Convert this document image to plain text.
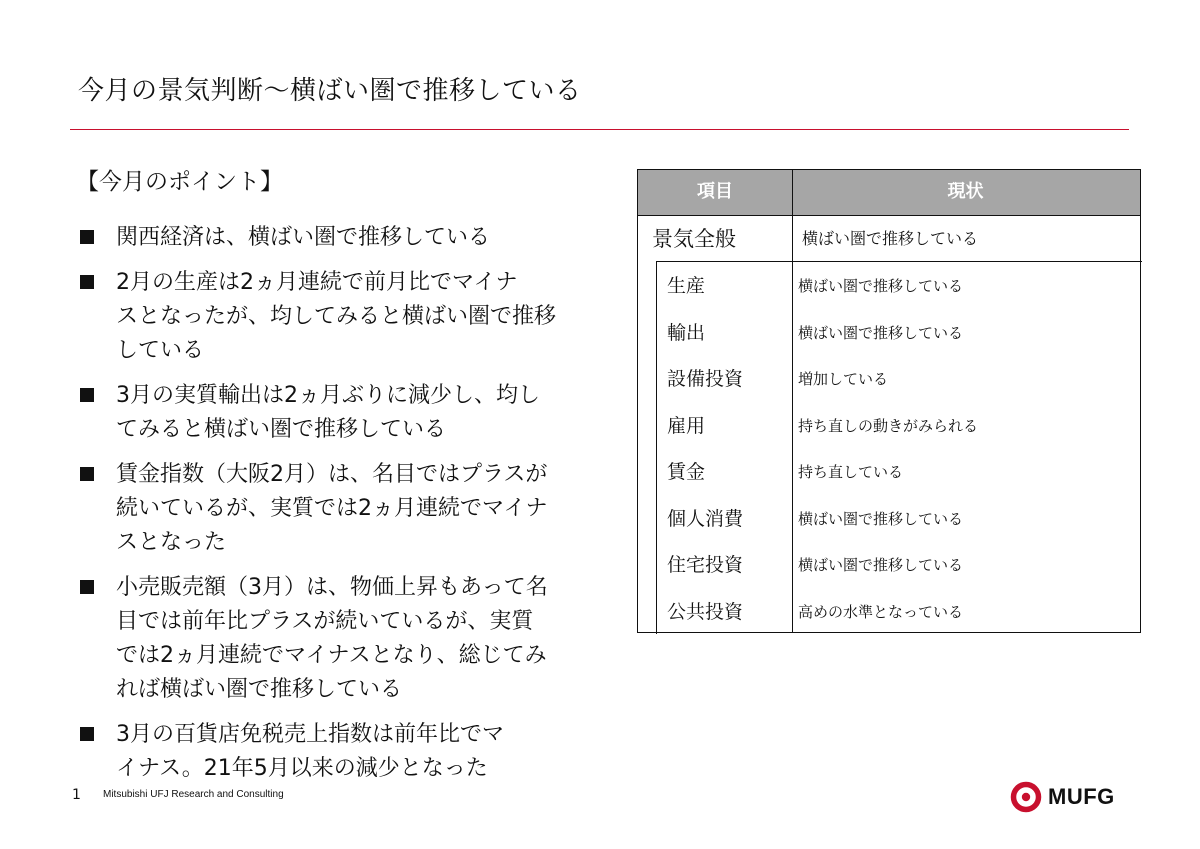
今月の景気判断～横ばい圏で推移している
【今月のポイント】
関西経済は、横ばい圏で推移している
2月の生産は2ヵ月連続で前月比でマイナ
スとなったが、均してみると横ばい圏で推移
している
3月の実質輸出は2ヵ月ぶりに減少し、均し
てみると横ばい圏で推移している
賃金指数（大阪2月）は、名目ではプラスが
続いているが、実質では2ヵ月連続でマイナ
スとなった
小売販売額（3月）は、物価上昇もあって名
目では前年比プラスが続いているが、実質
では2ヵ月連続でマイナスとなり、総じてみ
れば横ばい圏で推移している
3月の百貨店免税売上指数は前年比でマ
イナス。21年5月以来の減少となった
項目	現状
景気全般	横ばい圏で推移している
生産	横ばい圏で推移している
輸出	横ばい圏で推移している
設備投資	増加している
雇用	持ち直しの動きがみられる
賃金	持ち直している
個人消費	横ばい圏で推移している
住宅投資	横ばい圏で推移している
公共投資	高めの水準となっている
1 Mitsubishi UFJ Research and Consulting	MUFG
